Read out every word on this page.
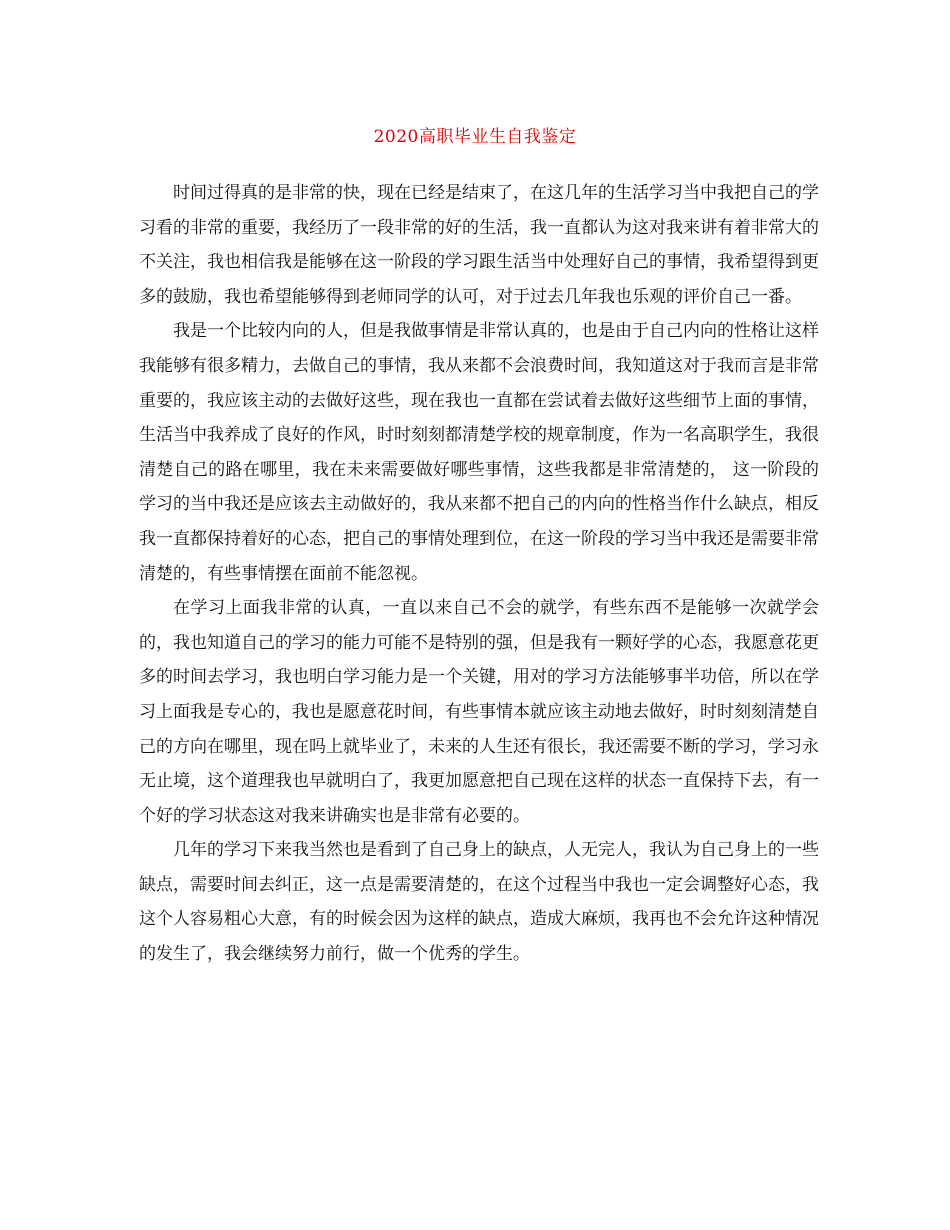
2020高职毕业生自我鉴定

时间过得真的是非常的快，现在已经是结束了，在这几年的生活学习当中我把自己的学习看的非常的重要，我经历了一段非常的好的生活，我一直都认为这对我来讲有着非常大的不关注，我也相信我是能够在这一阶段的学习跟生活当中处理好自己的事情，我希望得到更多的鼓励，我也希望能够得到老师同学的认可，对于过去几年我也乐观的评价自己一番。

我是一个比较内向的人，但是我做事情是非常认真的，也是由于自己内向的性格让这样我能够有很多精力，去做自己的事情，我从来都不会浪费时间，我知道这对于我而言是非常重要的，我应该主动的去做好这些，现在我也一直都在尝试着去做好这些细节上面的事情，生活当中我养成了良好的作风，时时刻刻都清楚学校的规章制度，作为一名高职学生，我很清楚自己的路在哪里，我在未来需要做好哪些事情，这些我都是非常清楚的， 这一阶段的学习的当中我还是应该去主动做好的，我从来都不把自己的内向的性格当作什么缺点，相反我一直都保持着好的心态，把自己的事情处理到位，在这一阶段的学习当中我还是需要非常清楚的，有些事情摆在面前不能忽视。

在学习上面我非常的认真，一直以来自己不会的就学，有些东西不是能够一次就学会的，我也知道自己的学习的能力可能不是特别的强，但是我有一颗好学的心态，我愿意花更多的时间去学习，我也明白学习能力是一个关键，用对的学习方法能够事半功倍，所以在学习上面我是专心的，我也是愿意花时间，有些事情本就应该主动地去做好，时时刻刻清楚自己的方向在哪里，现在吗上就毕业了，未来的人生还有很长，我还需要不断的学习，学习永无止境，这个道理我也早就明白了，我更加愿意把自己现在这样的状态一直保持下去，有一个好的学习状态这对我来讲确实也是非常有必要的。

几年的学习下来我当然也是看到了自己身上的缺点，人无完人，我认为自己身上的一些缺点，需要时间去纠正，这一点是需要清楚的，在这个过程当中我也一定会调整好心态，我这个人容易粗心大意，有的时候会因为这样的缺点，造成大麻烦，我再也不会允许这种情况的发生了，我会继续努力前行，做一个优秀的学生。
